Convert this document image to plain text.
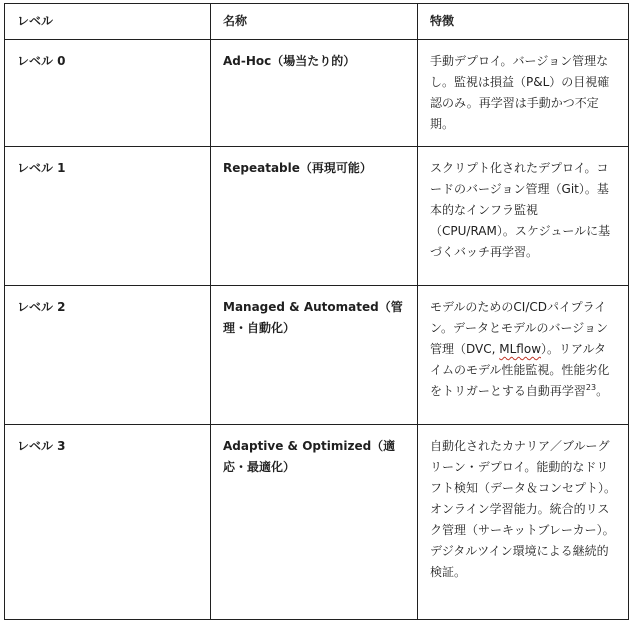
レベル	名称	特徴
レベル 0	Ad-Hoc（場当たり的）	手動デプロイ。バージョン管理なし。監視は損益（P&L）の目視確認のみ。再学習は手動かつ不定期。
レベル 1	Repeatable（再現可能）	スクリプト化されたデプロイ。コードのバージョン管理（Git）。基本的なインフラ監視（CPU/RAM）。スケジュールに基づくバッチ再学習。
レベル 2	Managed & Automated（管理・自動化）	モデルのためのCI/CDパイプライン。データとモデルのバージョン管理（DVC, MLflow）。リアルタイムのモデル性能監視。性能劣化をトリガーとする自動再学習$^{23}$。
レベル 3	Adaptive & Optimized（適応・最適化）	自動化されたカナリア／ブルーグリーン・デプロイ。能動的なドリフト検知（データ＆コンセプト）。オンライン学習能力。統合的リスク管理（サーキットブレーカー）。デジタルツイン環境による継続的検証。
